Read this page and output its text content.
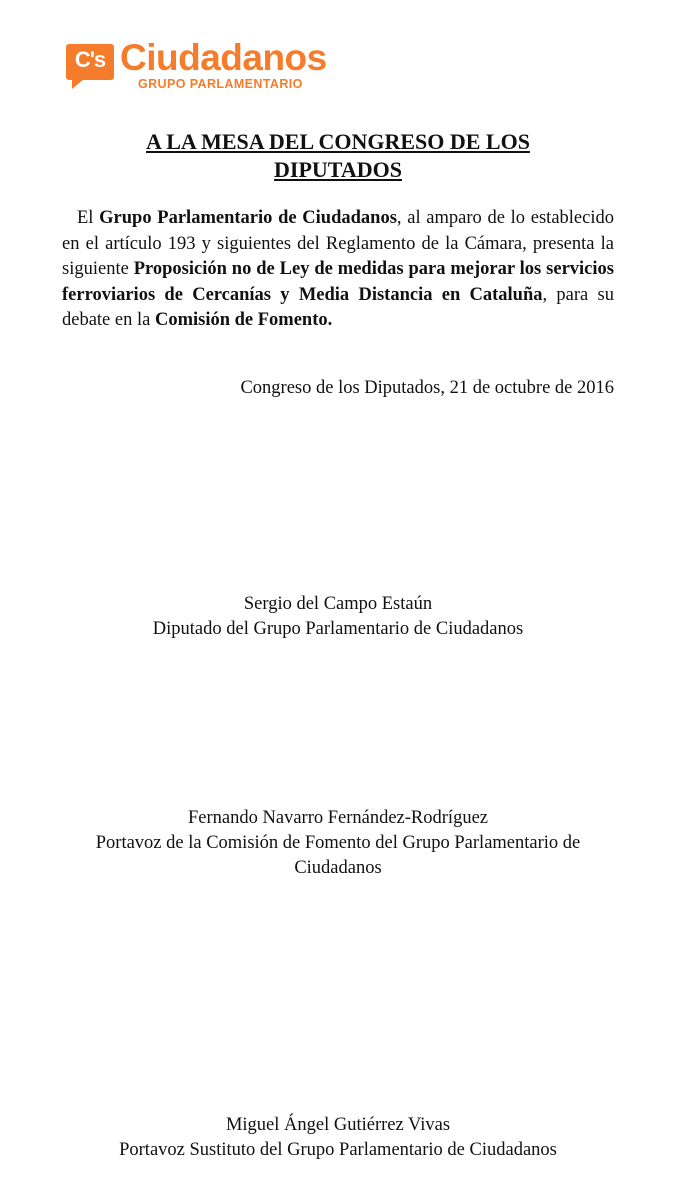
C's Ciudadanos
GRUPO PARLAMENTARIO
A LA MESA DEL CONGRESO DE LOS
DIPUTADOS

El Grupo Parlamentario de Ciudadanos, al amparo de lo establecido en el artículo 193 y siguientes del Reglamento de la Cámara, presenta la siguiente Proposición no de Ley de medidas para mejorar los servicios ferroviarios de Cercanías y Media Distancia en Cataluña, para su debate en la Comisión de Fomento.

Congreso de los Diputados, 21 de octubre de 2016
Sergio del Campo Estaún
Diputado del Grupo Parlamentario de Ciudadanos
Fernando Navarro Fernández-Rodríguez
Portavoz de la Comisión de Fomento del Grupo Parlamentario de Ciudadanos
Miguel Ángel Gutiérrez Vivas
Portavoz Sustituto del Grupo Parlamentario de Ciudadanos
